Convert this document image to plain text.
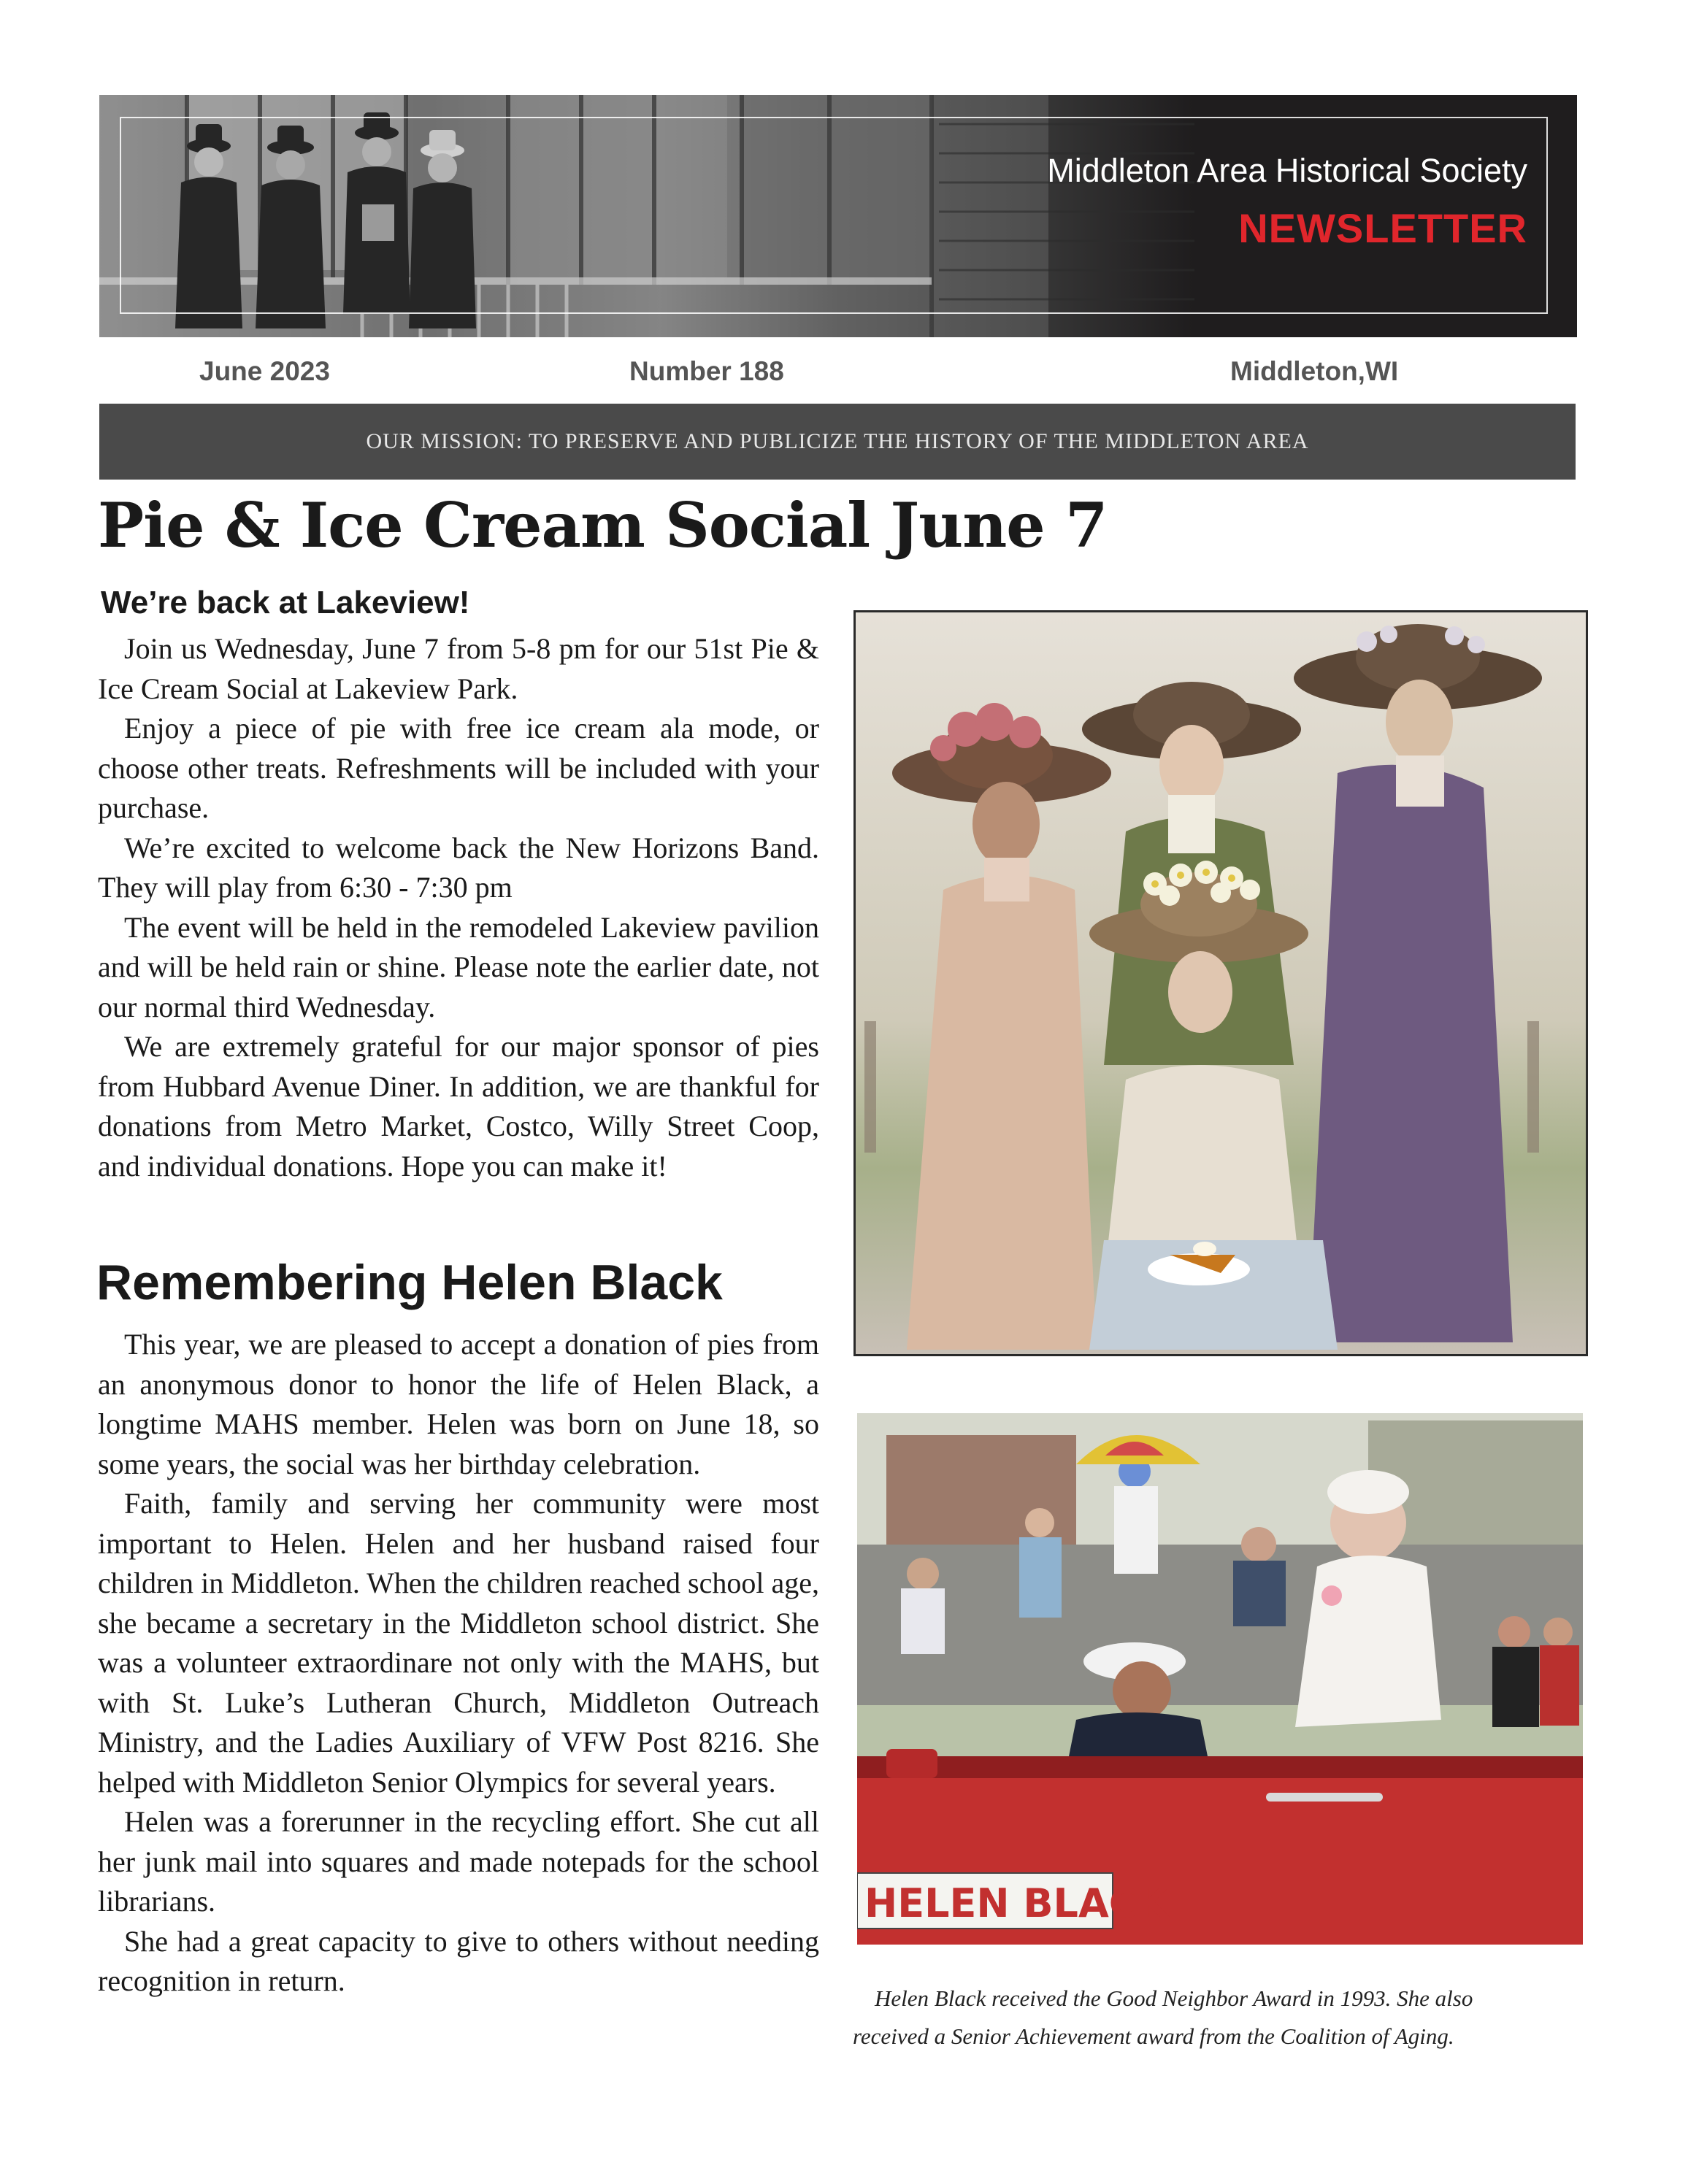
Middleton Area Historical Society
NEWSLETTER
June 2023	Number 188	Middleton,WI
OUR MISSION: TO PRESERVE AND PUBLICIZE THE HISTORY OF THE MIDDLETON AREA
Pie & Ice Cream Social June 7
We’re back at Lakeview!

Join us Wednesday, June 7 from 5-8 pm for our 51st Pie & Ice Cream Social at Lakeview Park.

Enjoy a piece of pie with free ice cream ala mode, or choose other treats. Refreshments will be included with your purchase.

We’re excited to welcome back the New Horizons Band. They will play from 6:30 - 7:30 pm

The event will be held in the remodeled Lakeview pavilion and will be held rain or shine. Please note the earlier date, not our normal third Wednesday.

We are extremely grateful for our major sponsor of pies from Hubbard Avenue Diner. In addition, we are thankful for donations from Metro Market, Costco, Willy Street Coop, and individual donations. Hope you can make it!

Remembering Helen Black

This year, we are pleased to accept a donation of pies from an anonymous donor to honor the life of Helen Black, a longtime MAHS member. Helen was born on June 18, so some years, the social was her birthday celebration.

Faith, family and serving her community were most important to Helen. Helen and her husband raised four children in Middleton. When the children reached school age, she became a secretary in the Middleton school district. She was a volunteer extraordinare not only with the MAHS, but with St. Luke’s Lutheran Church, Middleton Outreach Ministry, and the Ladies Auxiliary of VFW Post 8216. She helped with Middleton Senior Olympics for several years.

Helen was a forerunner in the recycling effort. She cut all her junk mail into squares and made notepads for the school librarians.

She had a great capacity to give to others without needing recognition in return.

HELEN BLACK
Helen Black received the Good Neighbor Award in 1993. She also
received a Senior Achievement award from the Coalition of Aging.
